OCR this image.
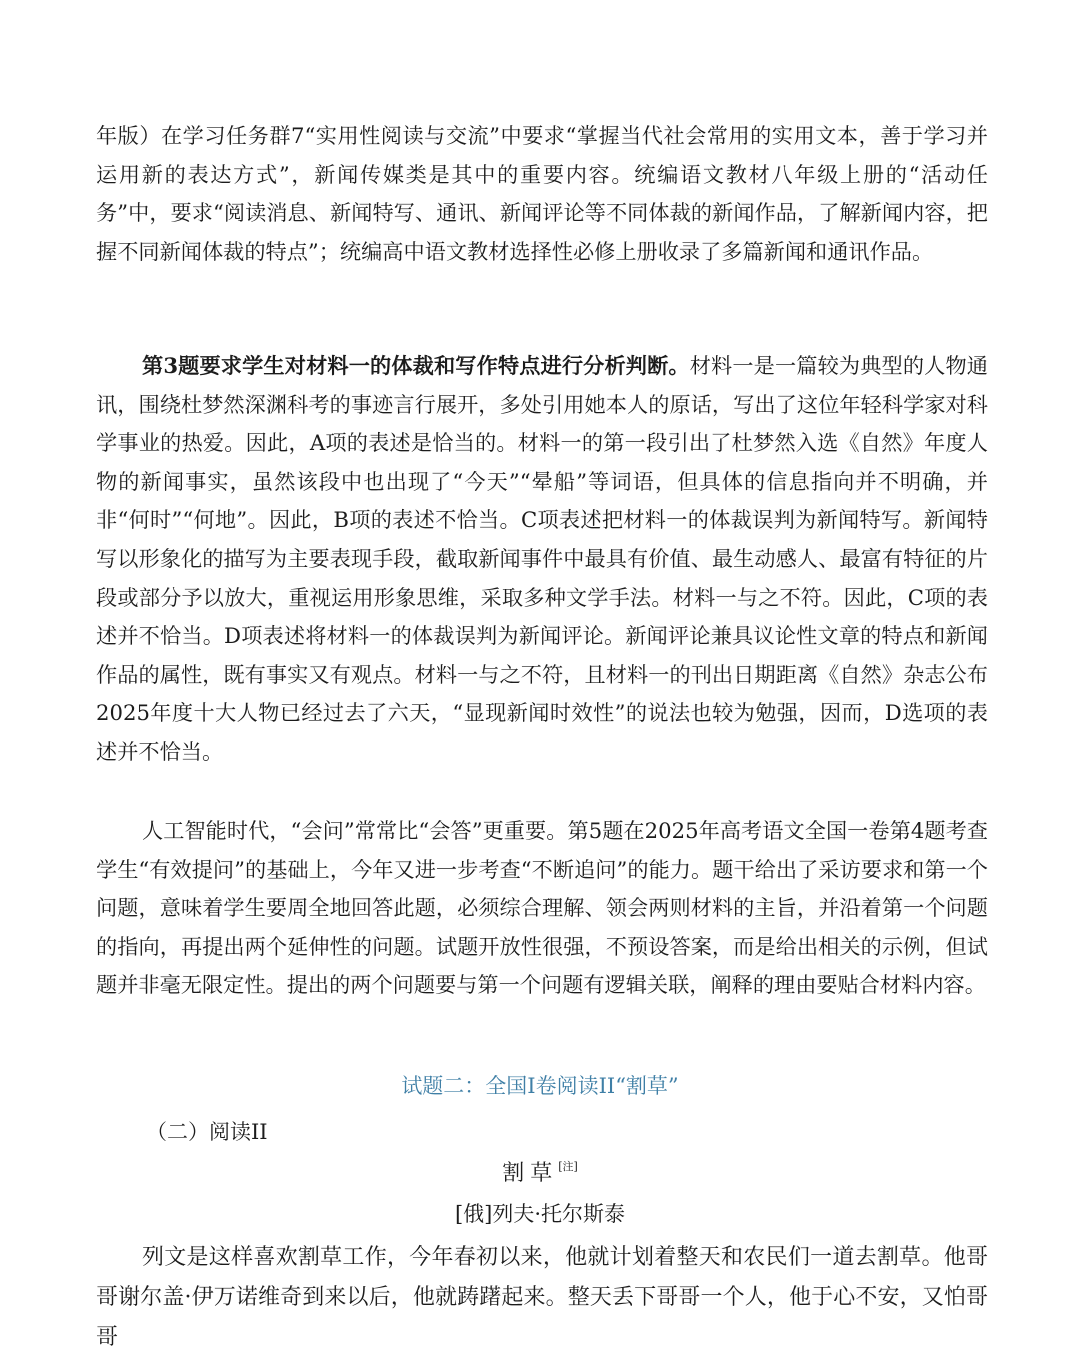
年版）在学习任务群7“实用性阅读与交流”中要求“掌握当代社会常用的实用文本，善于学习并运用新的表达方式”，新闻传媒类是其中的重要内容。统编语文教材八年级上册的“活动任务”中，要求“阅读消息、新闻特写、通讯、新闻评论等不同体裁的新闻作品，了解新闻内容，把握不同新闻体裁的特点”；统编高中语文教材选择性必修上册收录了多篇新闻和通讯作品。

第3题要求学生对材料一的体裁和写作特点进行分析判断。材料一是一篇较为典型的人物通讯，围绕杜梦然深渊科考的事迹言行展开，多处引用她本人的原话，写出了这位年轻科学家对科学事业的热爱。因此，A项的表述是恰当的。材料一的第一段引出了杜梦然入选《自然》年度人物的新闻事实，虽然该段中也出现了“今天”“晕船”等词语，但具体的信息指向并不明确，并非“何时”“何地”。因此，B项的表述不恰当。C项表述把材料一的体裁误判为新闻特写。新闻特写以形象化的描写为主要表现手段，截取新闻事件中最具有价值、最生动感人、最富有特征的片段或部分予以放大，重视运用形象思维，采取多种文学手法。材料一与之不符。因此，C项的表述并不恰当。D项表述将材料一的体裁误判为新闻评论。新闻评论兼具议论性文章的特点和新闻作品的属性，既有事实又有观点。材料一与之不符，且材料一的刊出日期距离《自然》杂志公布2025年度十大人物已经过去了六天，“显现新闻时效性”的说法也较为勉强，因而，D选项的表述并不恰当。

人工智能时代，“会问”常常比“会答”更重要。第5题在2025年高考语文全国一卷第4题考查学生“有效提问”的基础上，今年又进一步考查“不断追问”的能力。题干给出了采访要求和第一个问题，意味着学生要周全地回答此题，必须综合理解、领会两则材料的主旨，并沿着第一个问题的指向，再提出两个延伸性的问题。试题开放性很强，不预设答案，而是给出相关的示例，但试题并非毫无限定性。提出的两个问题要与第一个问题有逻辑关联，阐释的理由要贴合材料内容。

试题二：全国I卷阅读II“割草”

（二）阅读II

割草[注]

[俄]列夫·托尔斯泰

列文是这样喜欢割草工作，今年春初以来，他就计划着整天和农民们一道去割草。他哥哥谢尔盖·伊万诺维奇到来以后，他就踌躇起来。整天丢下哥哥一个人，他于心不安，又怕哥哥
